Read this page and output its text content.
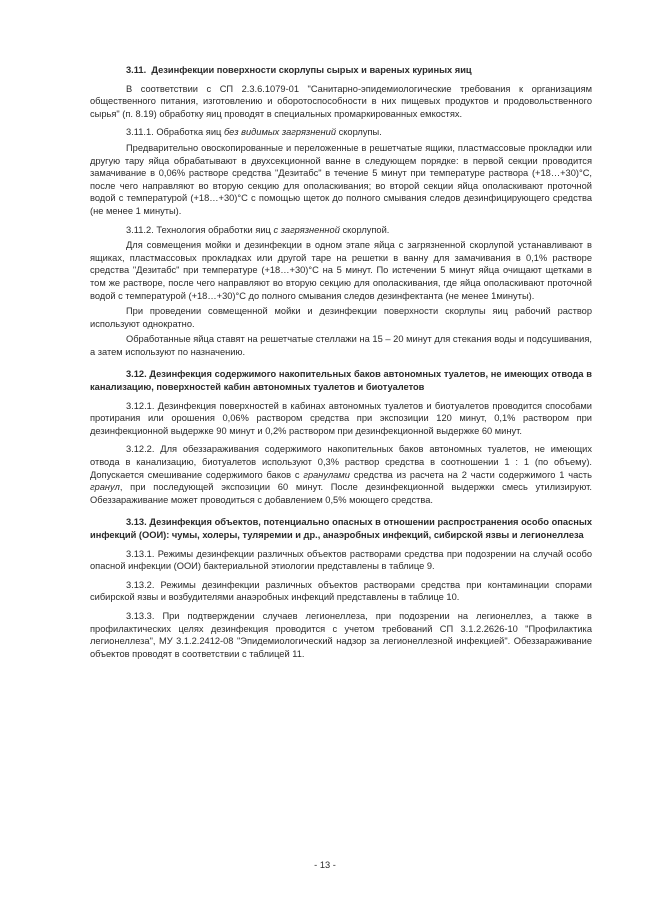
3.11. Дезинфекции поверхности скорлупы сырых и вареных куриных яиц

В соответствии с СП 2.3.6.1079-01 "Санитарно-эпидемиологические требования к организациям общественного питания, изготовлению и оборотоспособности в них пищевых продуктов и продовольственного сырья" (п. 8.19) обработку яиц проводят в специальных промаркированных емкостях.

3.11.1. Обработка яиц без видимых загрязнений скорлупы.

Предварительно овоскопированные и переложенные в решетчатые ящики, пластмассовые прокладки или другую тару яйца обрабатывают в двухсекционной ванне в следующем порядке: в первой секции проводится замачивание в 0,06% растворе средства "Дезитабс" в течение 5 минут при температуре раствора (+18…+30)°С, после чего направляют во вторую секцию для ополаскивания; во второй секции яйца ополаскивают проточной водой с температурой (+18…+30)°С с помощью щеток до полного смывания следов дезинфицирующего средства (не менее 1 минуты).

3.11.2. Технология обработки яиц с загрязненной скорлупой.

Для совмещения мойки и дезинфекции в одном этапе яйца с загрязненной скорлупой устанавливают в ящиках, пластмассовых прокладках или другой таре на решетки в ванну для замачивания в 0,1% растворе средства "Дезитабс" при температуре (+18…+30)°С на 5 минут. По истечении 5 минут яйца очищают щетками в том же растворе, после чего направляют во вторую секцию для ополаскивания, где яйца ополаскивают проточной водой с температурой (+18…+30)°С до полного смывания следов дезинфектанта (не менее 1минуты).

При проведении совмещенной мойки и дезинфекции поверхности скорлупы яиц рабочий раствор используют однократно.

Обработанные яйца ставят на решетчатые стеллажи на 15 – 20 минут для стекания воды и подсушивания, а затем используют по назначению.

3.12. Дезинфекция содержимого накопительных баков автономных туалетов, не имеющих отвода в канализацию, поверхностей кабин автономных туалетов и биотуалетов

3.12.1. Дезинфекция поверхностей в кабинах автономных туалетов и биотуалетов проводится способами протирания или орошения 0,06% раствором средства при экспозиции 120 минут, 0,1% раствором при дезинфекционной выдержке 90 минут и 0,2% раствором при дезинфекционной выдержке 60 минут.

3.12.2. Для обеззараживания содержимого накопительных баков автономных туалетов, не имеющих отвода в канализацию, биотуалетов используют 0,3% раствор средства в соотношении 1 : 1 (по объему). Допускается смешивание содержимого баков с гранулами средства из расчета на 2 части содержимого 1 часть гранул, при последующей экспозиции 60 минут. После дезинфекционной выдержки смесь утилизируют. Обеззараживание может проводиться с добавлением 0,5% моющего средства.

3.13. Дезинфекция объектов, потенциально опасных в отношении распространения особо опасных инфекций (ООИ): чумы, холеры, туляремии и др., анаэробных инфекций, сибирской язвы и легионеллеза

3.13.1. Режимы дезинфекции различных объектов растворами средства при подозрении на случай особо опасной инфекции (ООИ) бактериальной этиологии представлены в таблице 9.

3.13.2. Режимы дезинфекции различных объектов растворами средства при контаминации спорами сибирской язвы и возбудителями анаэробных инфекций представлены в таблице 10.

3.13.3. При подтверждении случаев легионеллеза, при подозрении на легионеллез, а также в профилактических целях дезинфекция проводится с учетом требований СП 3.1.2.2626-10 "Профилактика легионеллеза", МУ 3.1.2.2412-08 "Эпидемиологический надзор за легионеллезной инфекцией". Обеззараживание объектов проводят в соответствии с таблицей 11.

- 13 -
